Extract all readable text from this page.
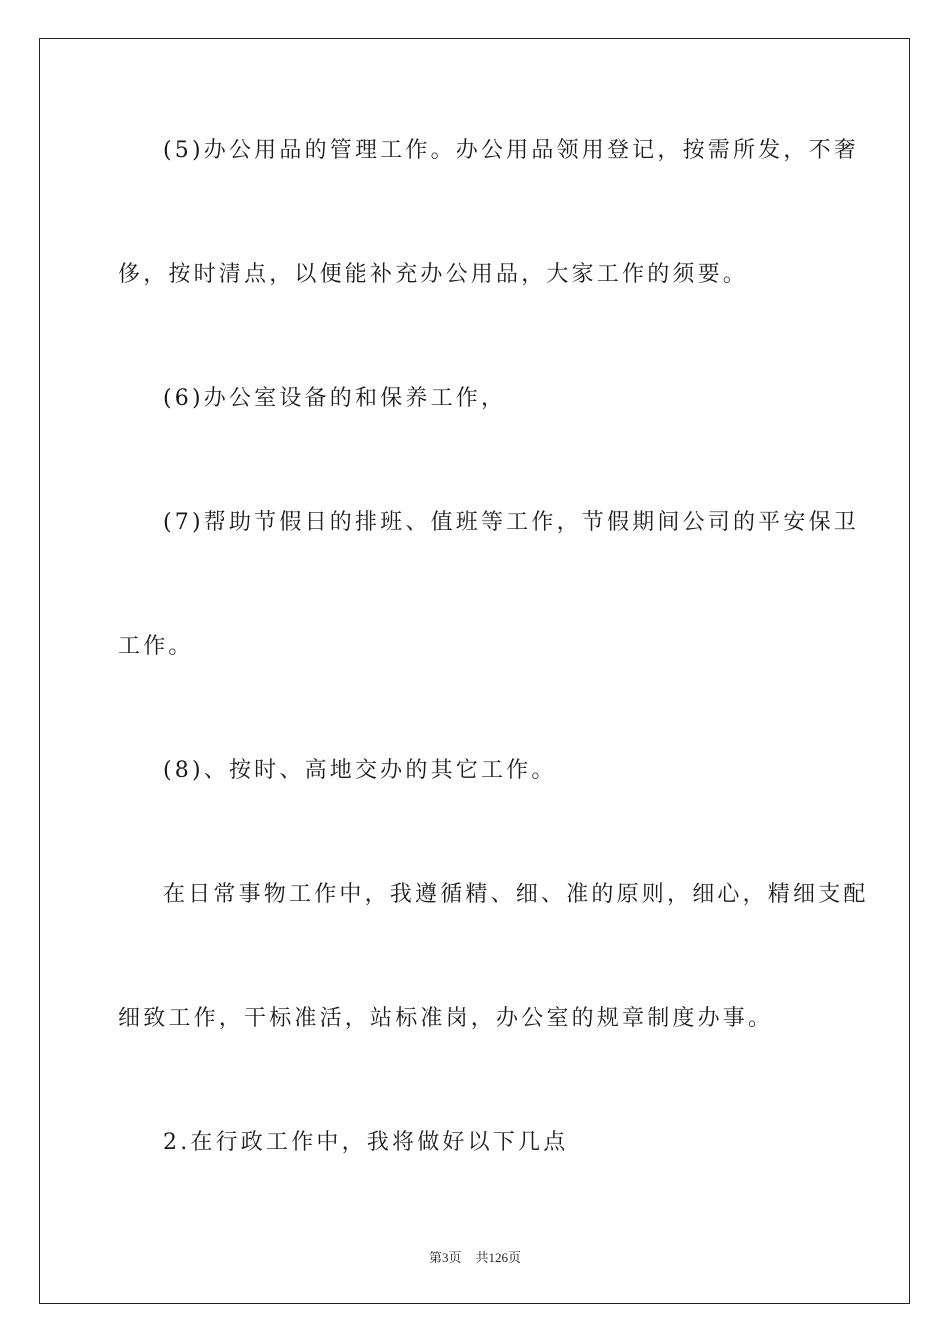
(5)办公用品的管理工作。办公用品领用登记，按需所发，不奢
侈，按时清点，以便能补充办公用品，大家工作的须要。
(6)办公室设备的和保养工作，
(7)帮助节假日的排班、值班等工作，节假期间公司的平安保卫
工作。
(8)、按时、高地交办的其它工作。
在日常事物工作中，我遵循精、细、准的原则，细心，精细支配
细致工作，干标准活，站标准岗，办公室的规章制度办事。
2.在行政工作中，我将做好以下几点
第3页 共126页
